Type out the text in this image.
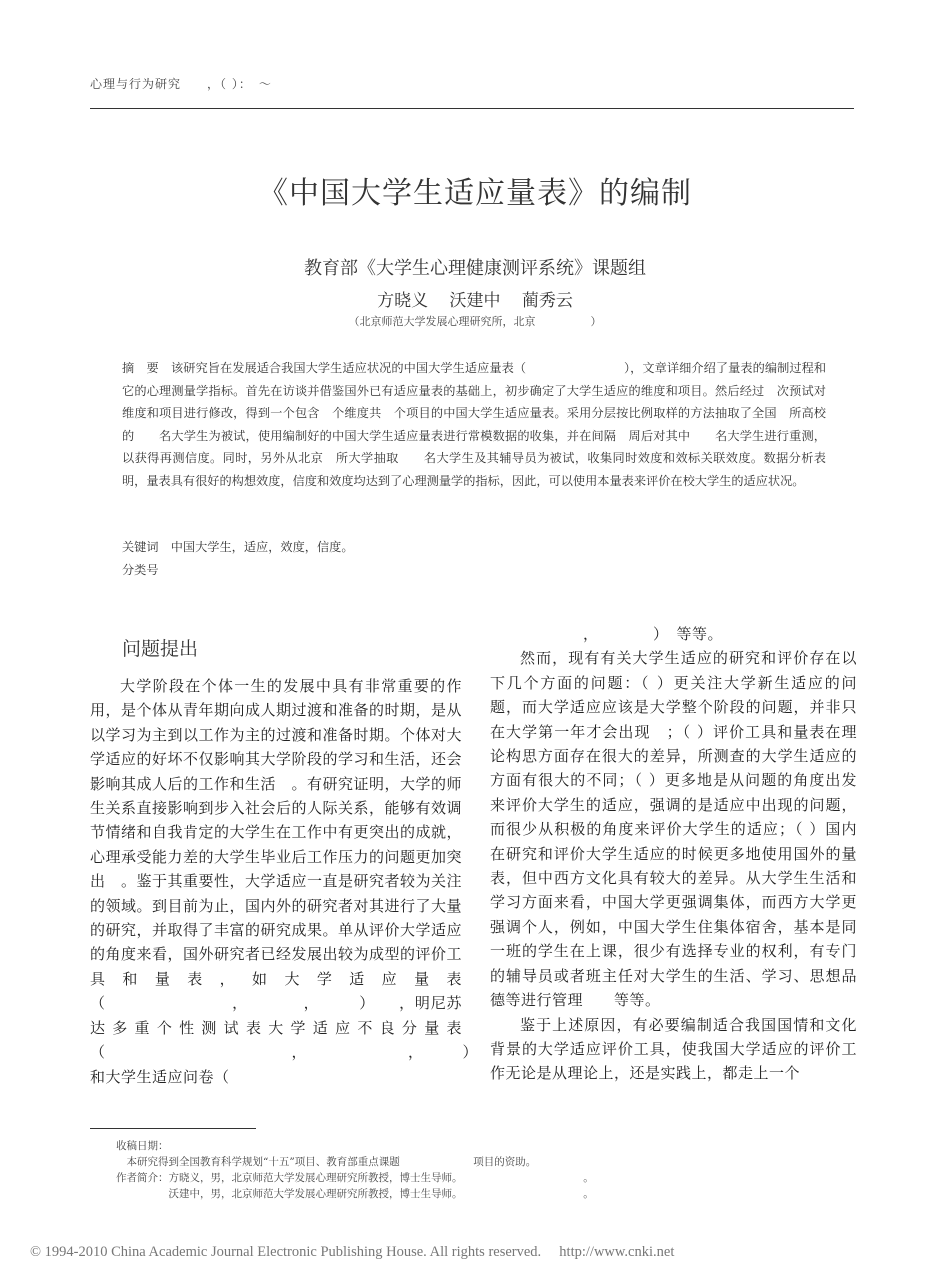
心理与行为研究　　，（ ）：　～
《中国大学生适应量表》的编制
教育部《大学生心理健康测评系统》课题组
方晓义 沃建中 蔺秀云
（北京师范大学发展心理研究所，北京　　　　　）

摘　要　 该研究旨在发展适合我国大学生适应状况的中国大学生适应量表（　　　　　　　　），文章详细介绍了量表的编制过程和它的心理测量学指标。首先在访谈并借鉴国外已有适应量表的基础上，初步确定了大学生适应的维度和项目。然后经过　次预试对维度和项目进行修改，得到一个包含　个维度共　个项目的中国大学生适应量表。采用分层按比例取样的方法抽取了全国　所高校的　　名大学生为被试，使用编制好的中国大学生适应量表进行常模数据的收集，并在间隔　周后对其中　　名大学生进行重测，以获得再测信度。同时，另外从北京　所大学抽取　　名大学生及其辅导员为被试，收集同时效度和效标关联效度。数据分析表明，量表具有很好的构想效度，信度和效度均达到了心理测量学的指标，因此，可以使用本量表来评价在校大学生的适应状况。

关键词　 中国大学生，适应，效度，信度。
分类号
问题提出

大学阶段在个体一生的发展中具有非常重要的作用，是个体从青年期向成人期过渡和准备的时期，是从以学习为主到以工作为主的过渡和准备时期。个体对大学适应的好坏不仅影响其大学阶段的学习和生活，还会影响其成人后的工作和生活　。有研究证明，大学的师生关系直接影响到步入社会后的人际关系，能够有效调节情绪和自我肯定的大学生在工作中有更突出的成就，心理承受能力差的大学生毕业后工作压力的问题更加突出　。鉴于其重要性，大学适应一直是研究者较为关注的领域。到目前为止，国内外的研究者对其进行了大量的研究，并取得了丰富的研究成果。单从评价大学适应的角度来看，国外研究者已经发展出较为成型的评价工具和量表，如大学适应量表（　　　　　　　　，　　　　，　　　）　　，明尼苏达多重个性测试表大学适应不良分量表（　　　　　　　　　　　　，　　　　　　　，　　　）和大学生适应问卷（

　　　　　　，　　　　）　等等。

然而，现有有关大学生适应的研究和评价存在以下几个方面的问题：（ ）更关注大学新生适应的问题，而大学适应应该是大学整个阶段的问题，并非只在大学第一年才会出现　；（ ）评价工具和量表在理论构思方面存在很大的差异，所测查的大学生适应的方面有很大的不同；（ ）更多地是从问题的角度出发来评价大学生的适应，强调的是适应中出现的问题，而很少从积极的角度来评价大学生的适应；（ ）国内在研究和评价大学生适应的时候更多地使用国外的量表，但中西方文化具有较大的差异。从大学生生活和学习方面来看，中国大学更强调集体，而西方大学更强调个人，例如，中国大学生住集体宿舍，基本是同一班的学生在上课，很少有选择专业的权利，有专门的辅导员或者班主任对大学生的生活、学习、思想品德等进行管理　　等等。

鉴于上述原因，有必要编制适合我国国情和文化背景的大学适应评价工具，使我国大学适应的评价工作无论是从理论上，还是实践上，都走上一个

收稿日期：
　本研究得到全国教育科学规划“十五”项目、教育部重点课题　　　　　　　项目的资助。
作者简介：方晓义，男，北京师范大学发展心理研究所教授，博士生导师。　　　　　　　　　　　　。
　　　　　沃建中，男，北京师范大学发展心理研究所教授，博士生导师。　　　　　　　　　　　　。
© 1994-2010 China Academic Journal Electronic Publishing House. All rights reserved.　 http://www.cnki.net
